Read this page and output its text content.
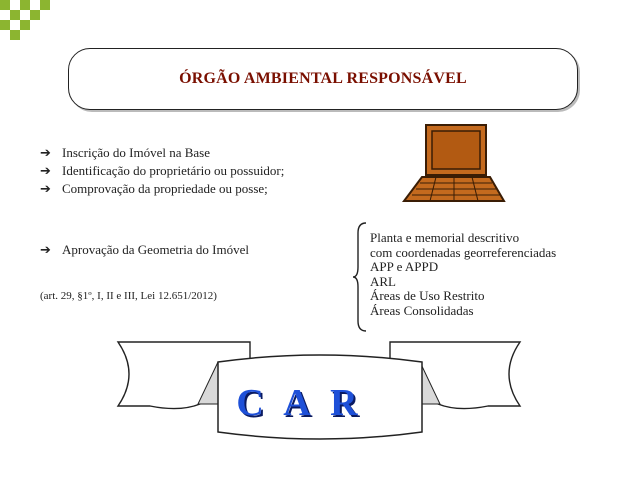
ÓRGÃO AMBIENTAL RESPONSÁVEL
➔ Inscrição do Imóvel na Base
➔ Identificação do proprietário ou possuidor;
➔ Comprovação da propriedade ou posse;
➔ Aprovação da Geometria do Imóvel
(art. 29, §1º, I, II e III, Lei 12.651/2012)
Planta e memorial descritivo
com coordenadas georreferenciadas
APP e APPD
ARL
Áreas de Uso Restrito
Áreas Consolidadas
C A R
